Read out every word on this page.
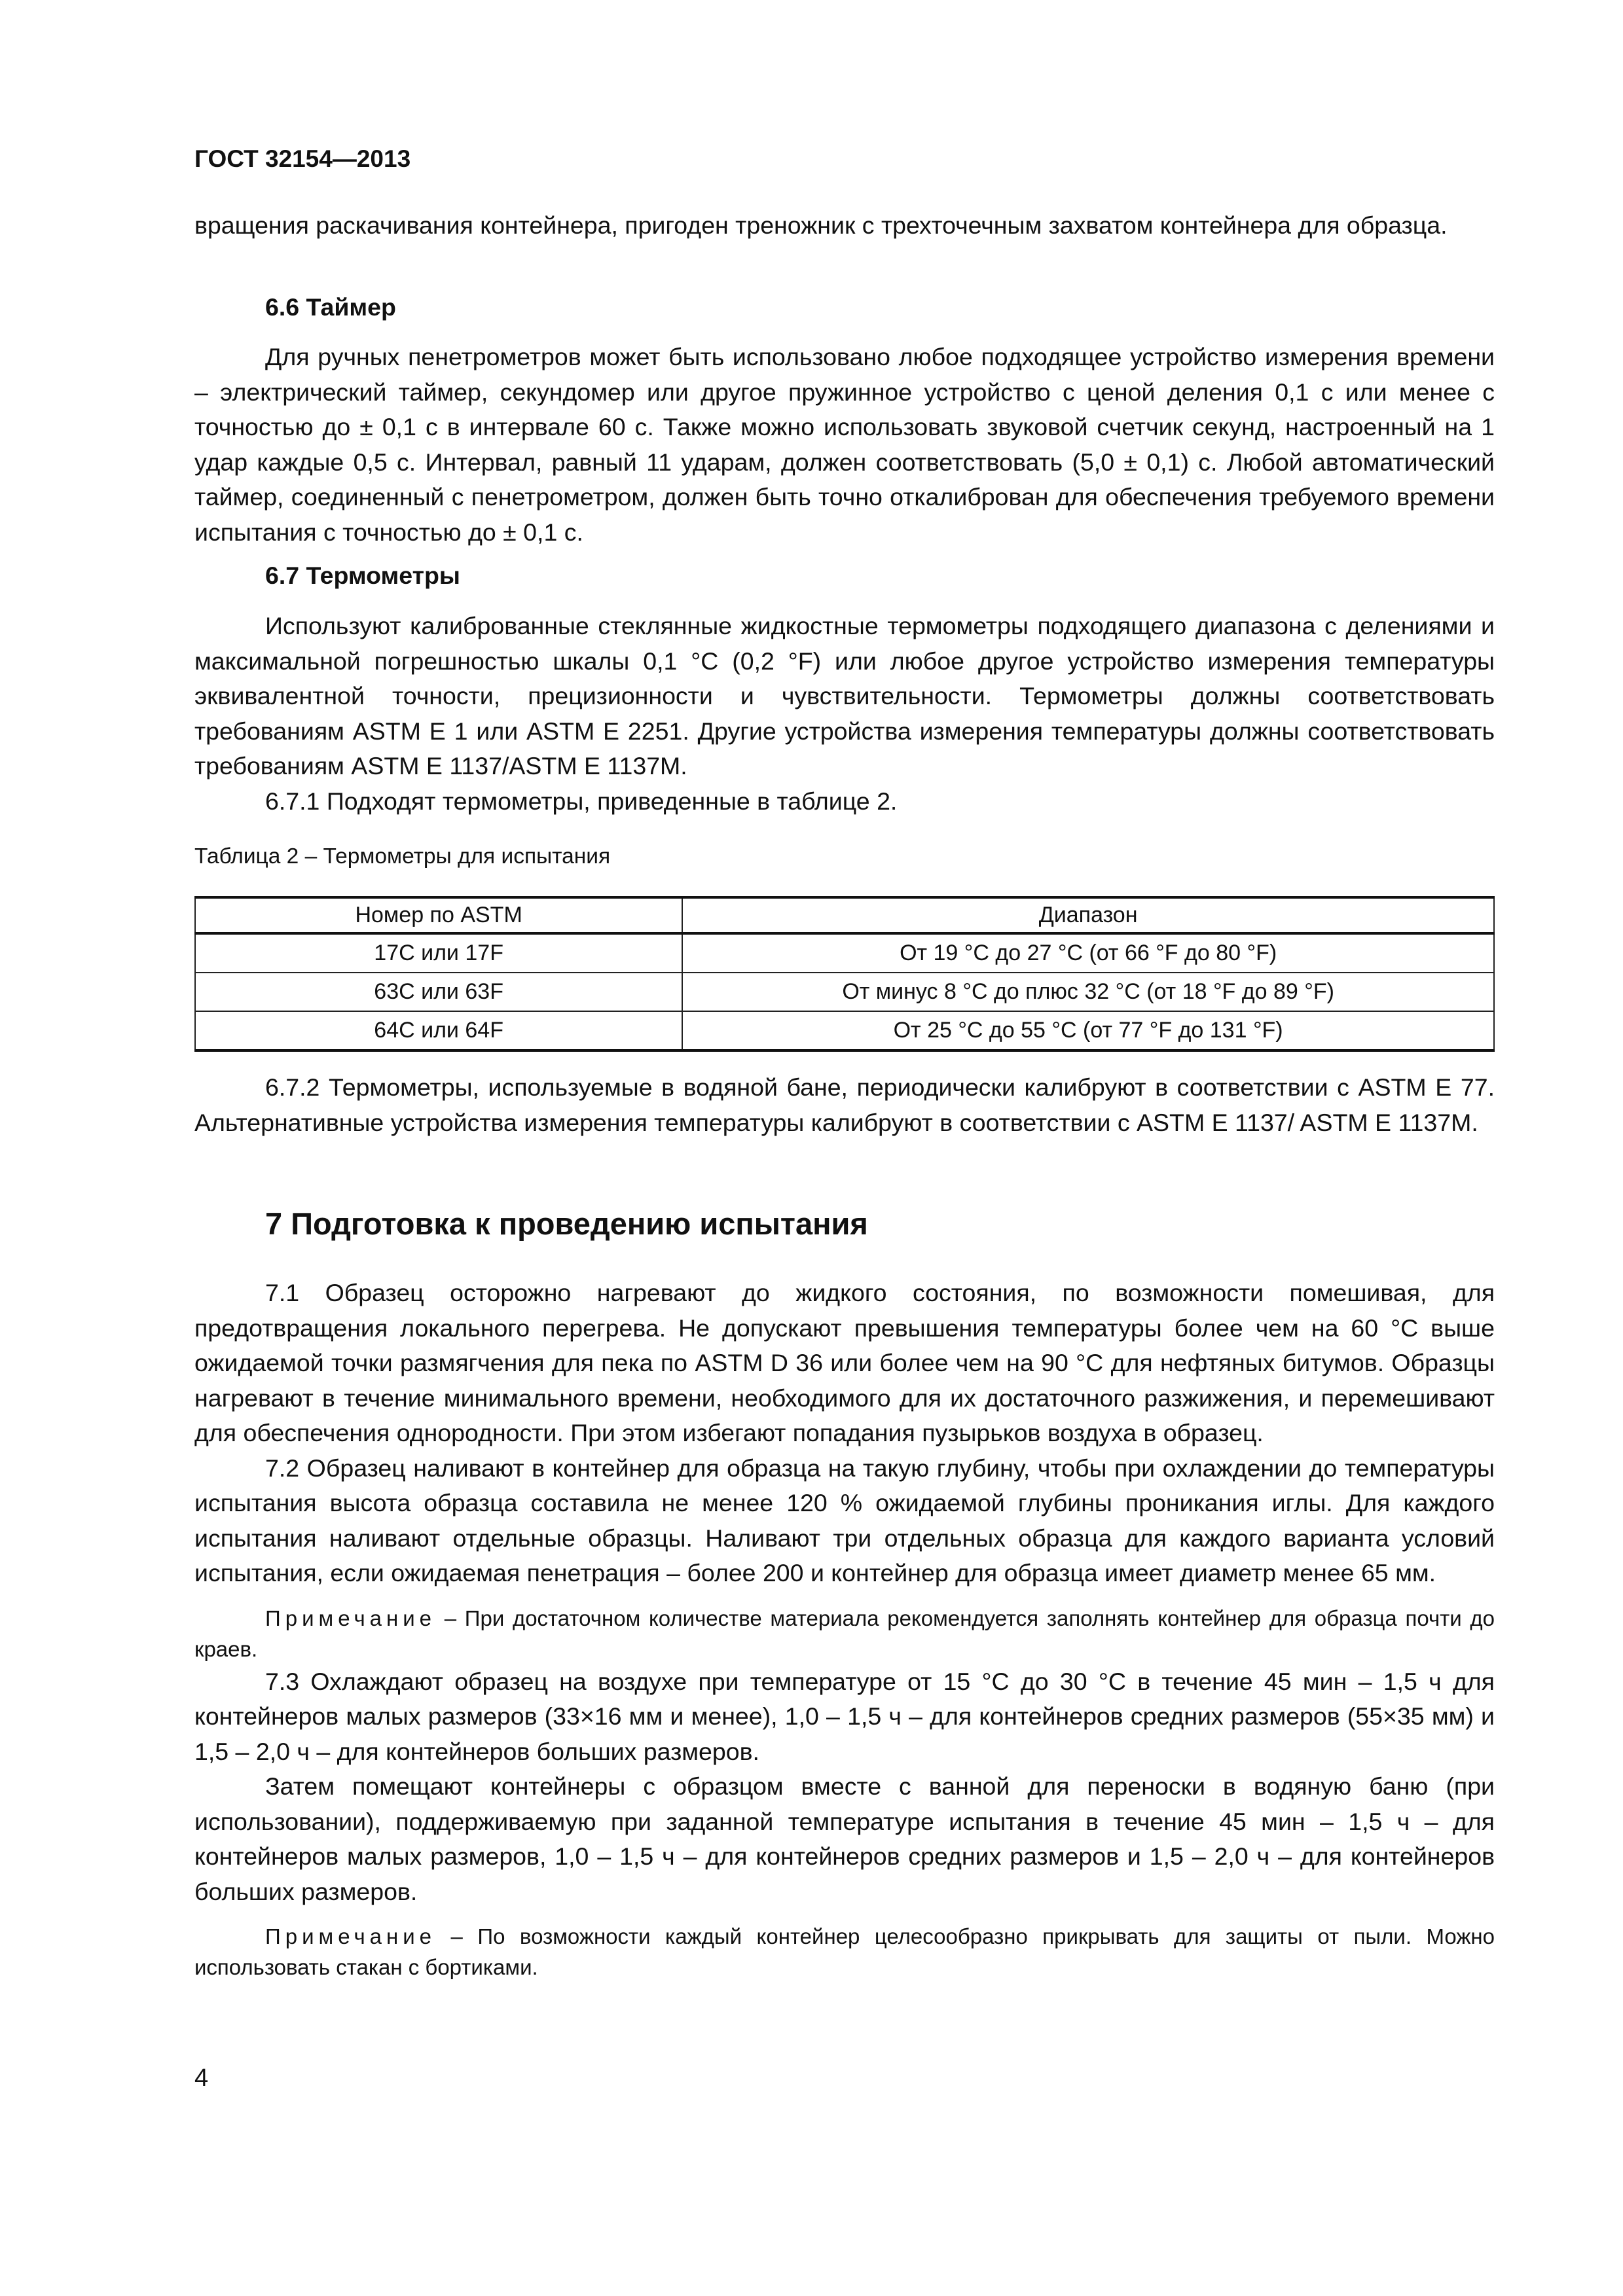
ГОСТ 32154—2013

вращения раскачивания контейнера, пригоден треножник с трехточечным захватом контейнера для образца.

6.6 Таймер

Для ручных пенетрометров может быть использовано любое подходящее устройство измерения времени – электрический таймер, секундомер или другое пружинное устройство с ценой деления 0,1 с или менее с точностью до ± 0,1 с в интервале 60 с. Также можно использовать звуковой счетчик секунд, настроенный на 1 удар каждые 0,5 с. Интервал, равный 11 ударам, должен соответствовать (5,0 ± 0,1) с. Любой автоматический таймер, соединенный с пенетрометром, должен быть точно откалиброван для обеспечения требуемого времени испытания с точностью до ± 0,1 с.

6.7 Термометры

Используют калиброванные стеклянные жидкостные термометры подходящего диапазона с делениями и максимальной погрешностью шкалы 0,1 °С (0,2 °F) или любое другое устройство измерения температуры эквивалентной точности, прецизионности и чувствительности. Термометры должны соответствовать требованиям ASTM E 1 или ASTM E 2251. Другие устройства измерения температуры должны соответствовать требованиям ASTM E 1137/ASTM E 1137M.

6.7.1 Подходят термометры, приведенные в таблице 2.

Таблица 2 – Термометры для испытания

Номер по ASTM	Диапазон
17C или 17F	От 19 °С до 27 °С (от 66 °F до 80 °F)
63C или 63F	От минус 8 °С до плюс 32 °С (от 18 °F до 89 °F)
64C или 64F	От 25 °С до 55 °С (от 77 °F до 131 °F)

6.7.2 Термометры, используемые в водяной бане, периодически калибруют в соответствии с ASTM E 77. Альтернативные устройства измерения температуры калибруют в соответствии с ASTM E 1137/ ASTM E 1137M.

7 Подготовка к проведению испытания

7.1 Образец осторожно нагревают до жидкого состояния, по возможности помешивая, для предотвращения локального перегрева. Не допускают превышения температуры более чем на 60 °С выше ожидаемой точки размягчения для пека по ASTM D 36 или более чем на 90 °С для нефтяных битумов. Образцы нагревают в течение минимального времени, необходимого для их достаточного разжижения, и перемешивают для обеспечения однородности. При этом избегают попадания пузырьков воздуха в образец.

7.2 Образец наливают в контейнер для образца на такую глубину, чтобы при охлаждении до температуры испытания высота образца составила не менее 120 % ожидаемой глубины проникания иглы. Для каждого испытания наливают отдельные образцы. Наливают три отдельных образца для каждого варианта условий испытания, если ожидаемая пенетрация – более 200 и контейнер для образца имеет диаметр менее 65 мм.

Примечание – При достаточном количестве материала рекомендуется заполнять контейнер для образца почти до краев.

7.3 Охлаждают образец на воздухе при температуре от 15 °С до 30 °С в течение 45 мин – 1,5 ч для контейнеров малых размеров (33×16 мм и менее), 1,0 – 1,5 ч – для контейнеров средних размеров (55×35 мм) и 1,5 – 2,0 ч – для контейнеров больших размеров.

Затем помещают контейнеры с образцом вместе с ванной для переноски в водяную баню (при использовании), поддерживаемую при заданной температуре испытания в течение 45 мин – 1,5 ч – для контейнеров малых размеров, 1,0 – 1,5 ч – для контейнеров средних размеров и 1,5 – 2,0 ч – для контейнеров больших размеров.

Примечание – По возможности каждый контейнер целесообразно прикрывать для защиты от пыли. Можно использовать стакан с бортиками.

4
